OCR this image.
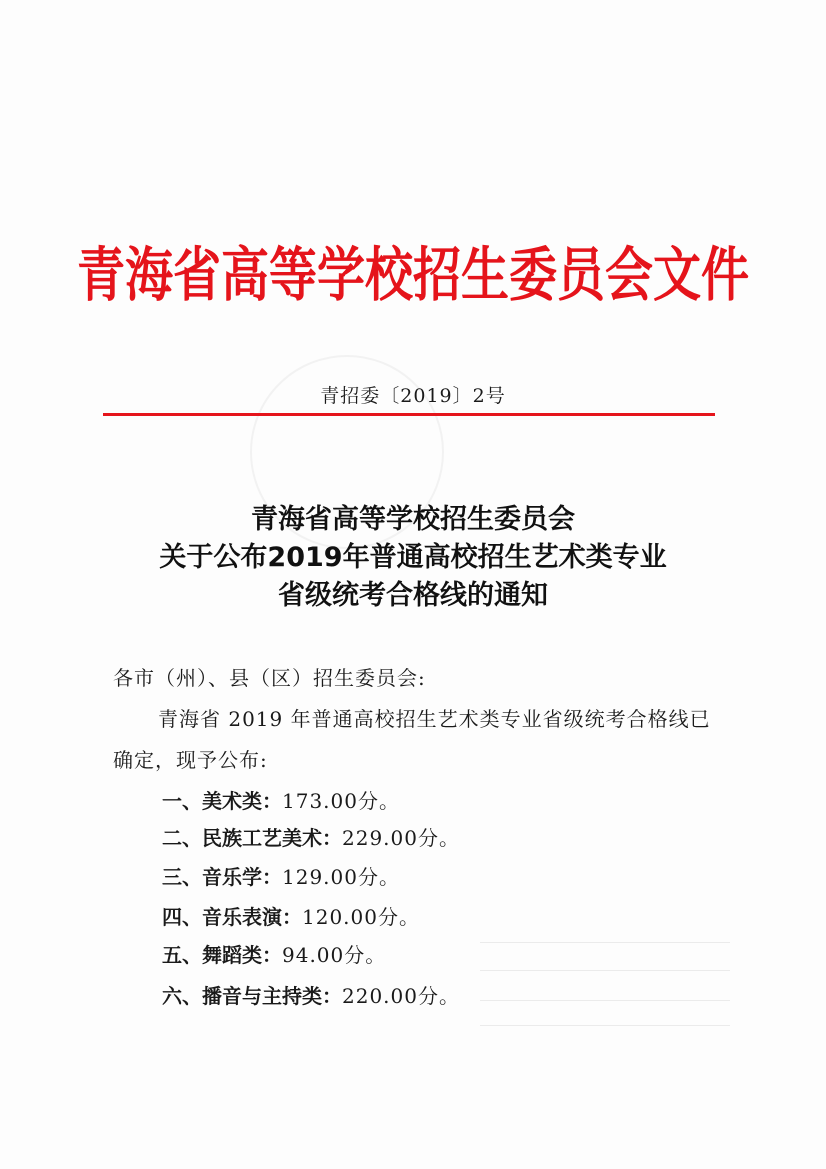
青海省高等学校招生委员会文件
青招委〔2019〕2号
青海省高等学校招生委员会
关于公布2019年普通高校招生艺术类专业
省级统考合格线的通知
各市（州）、县（区）招生委员会:
青海省 2019 年普通高校招生艺术类专业省级统考合格线已
确定，现予公布:
一、美术类：173.00分。
二、民族工艺美术：229.00分。
三、音乐学：129.00分。
四、音乐表演：120.00分。
五、舞蹈类：94.00分。
六、播音与主持类：220.00分。
